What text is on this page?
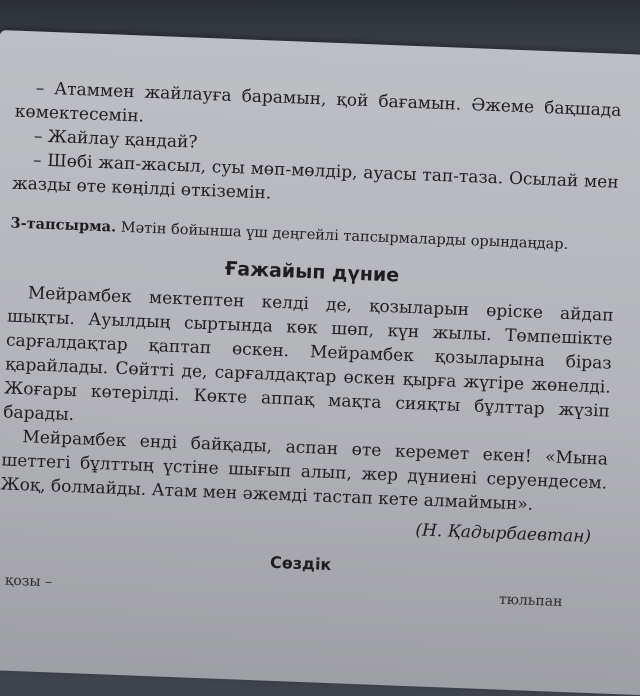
– Атаммен жайлауға барамын, қой бағамын. Әжеме бақшада көмектесемін.

– Жайлау қандай?

– Шөбі жап-жасыл, суы мөп-мөлдір, ауасы тап-таза. Осылай мен жазды өте көңілді өткіземін.

3-тапсырма. Мәтін бойынша үш деңгейлі тапсырмаларды орындаңдар.

Ғажайып дүние

Мейрамбек мектептен келді де, қозыларын өріске айдап шықты. Ауылдың сыртында көк шөп, күн жылы. Төмпешікте сарғалдақтар қаптап өскен. Мейрамбек қозыларына біраз қарайлады. Сөйтті де, сарғалдақтар өскен қырға жүгіре жөнелді. Жоғары көтерілді. Көкте аппақ мақта сияқты бұлттар жүзіп барады.

Мейрамбек енді байқады, аспан өте керемет екен! «Мына шеттегі бұлттың үстіне шығып алып, жер дүниені серуендесем. Жоқ, болмайды. Атам мен әжемді тастап кете алмаймын».

(Н. Қадырбаевтан)
Сөздік
қозы –
тюльпан
